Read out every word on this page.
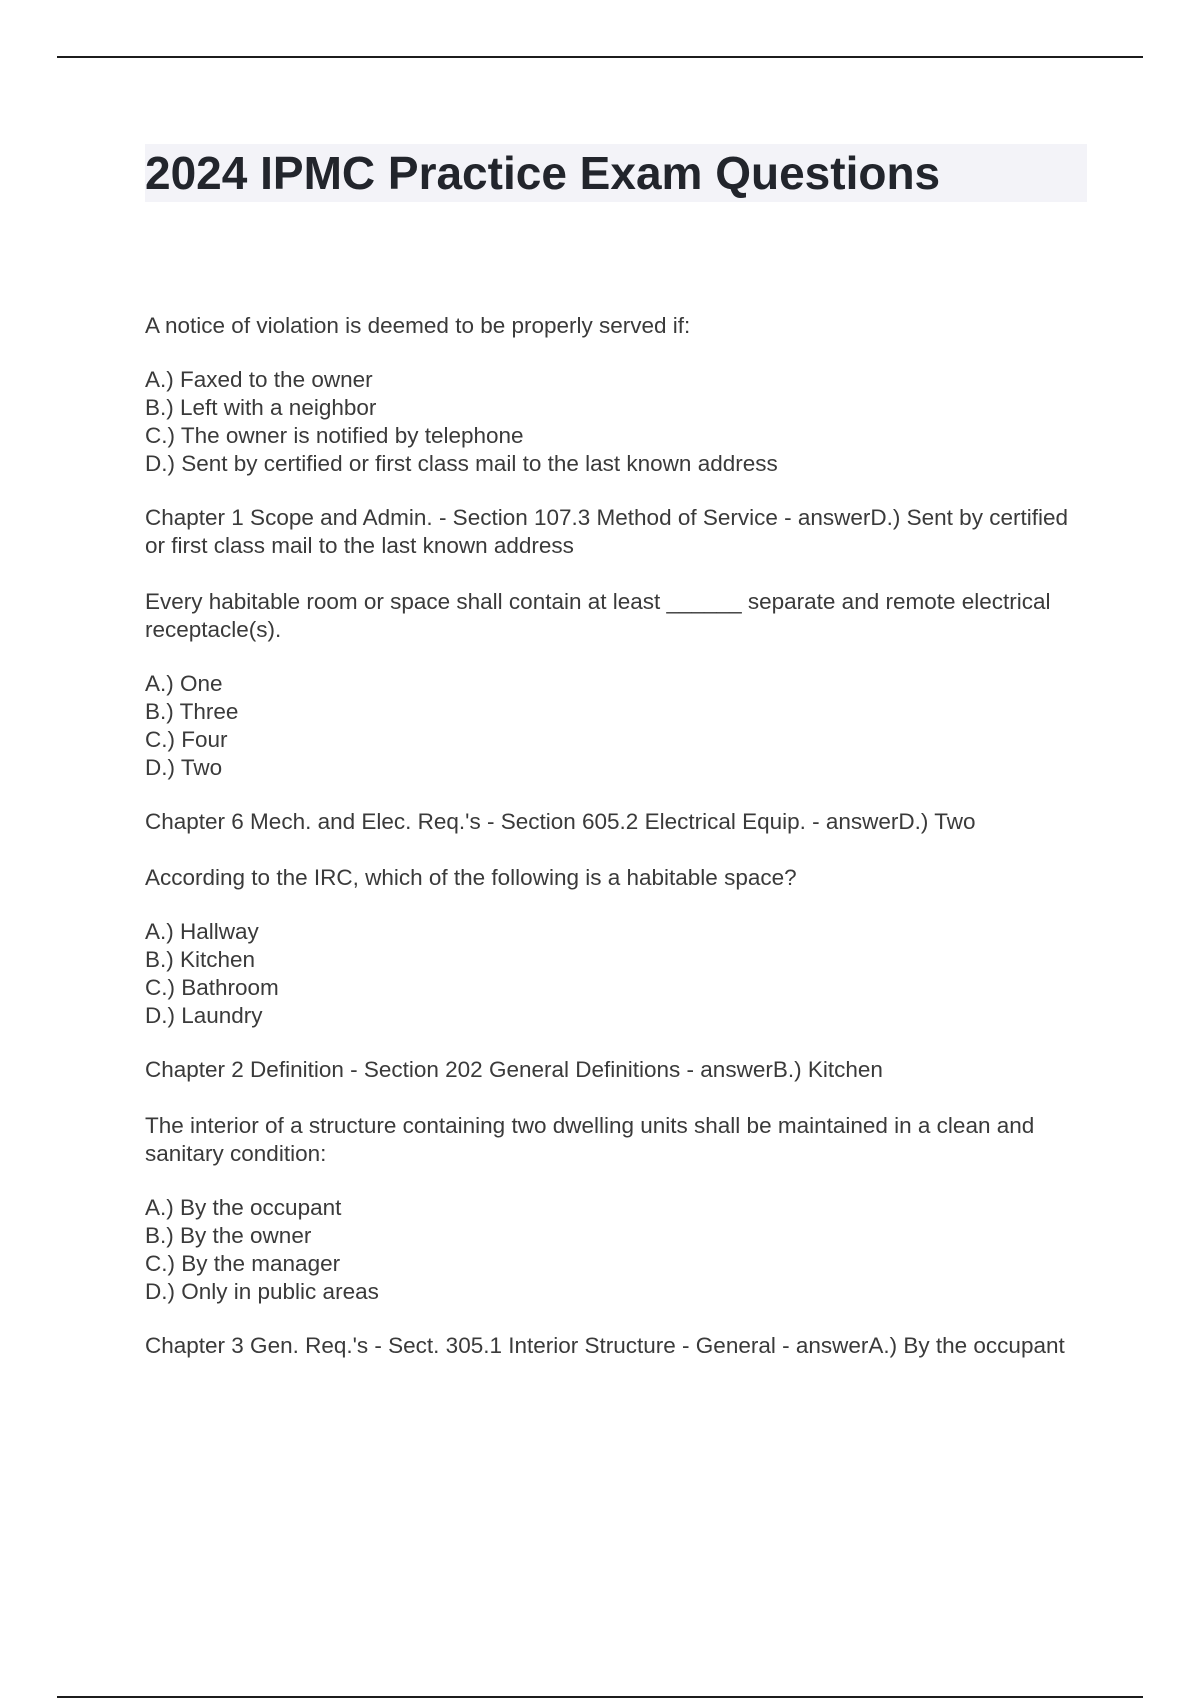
2024 IPMC Practice Exam Questions

A notice of violation is deemed to be properly served if:

A.) Faxed to the owner
B.) Left with a neighbor
C.) The owner is notified by telephone
D.) Sent by certified or first class mail to the last known address

Chapter 1 Scope and Admin. - Section 107.3 Method of Service - answerD.) Sent by certified or first class mail to the last known address

Every habitable room or space shall contain at least ______ separate and remote electrical receptacle(s).

A.) One
B.) Three
C.) Four
D.) Two

Chapter 6 Mech. and Elec. Req.'s - Section 605.2 Electrical Equip. - answerD.) Two

According to the IRC, which of the following is a habitable space?

A.) Hallway
B.) Kitchen
C.) Bathroom
D.) Laundry

Chapter 2 Definition - Section 202 General Definitions - answerB.) Kitchen

The interior of a structure containing two dwelling units shall be maintained in a clean and sanitary condition:

A.) By the occupant
B.) By the owner
C.) By the manager
D.) Only in public areas

Chapter 3 Gen. Req.'s - Sect. 305.1 Interior Structure - General - answerA.) By the occupant
